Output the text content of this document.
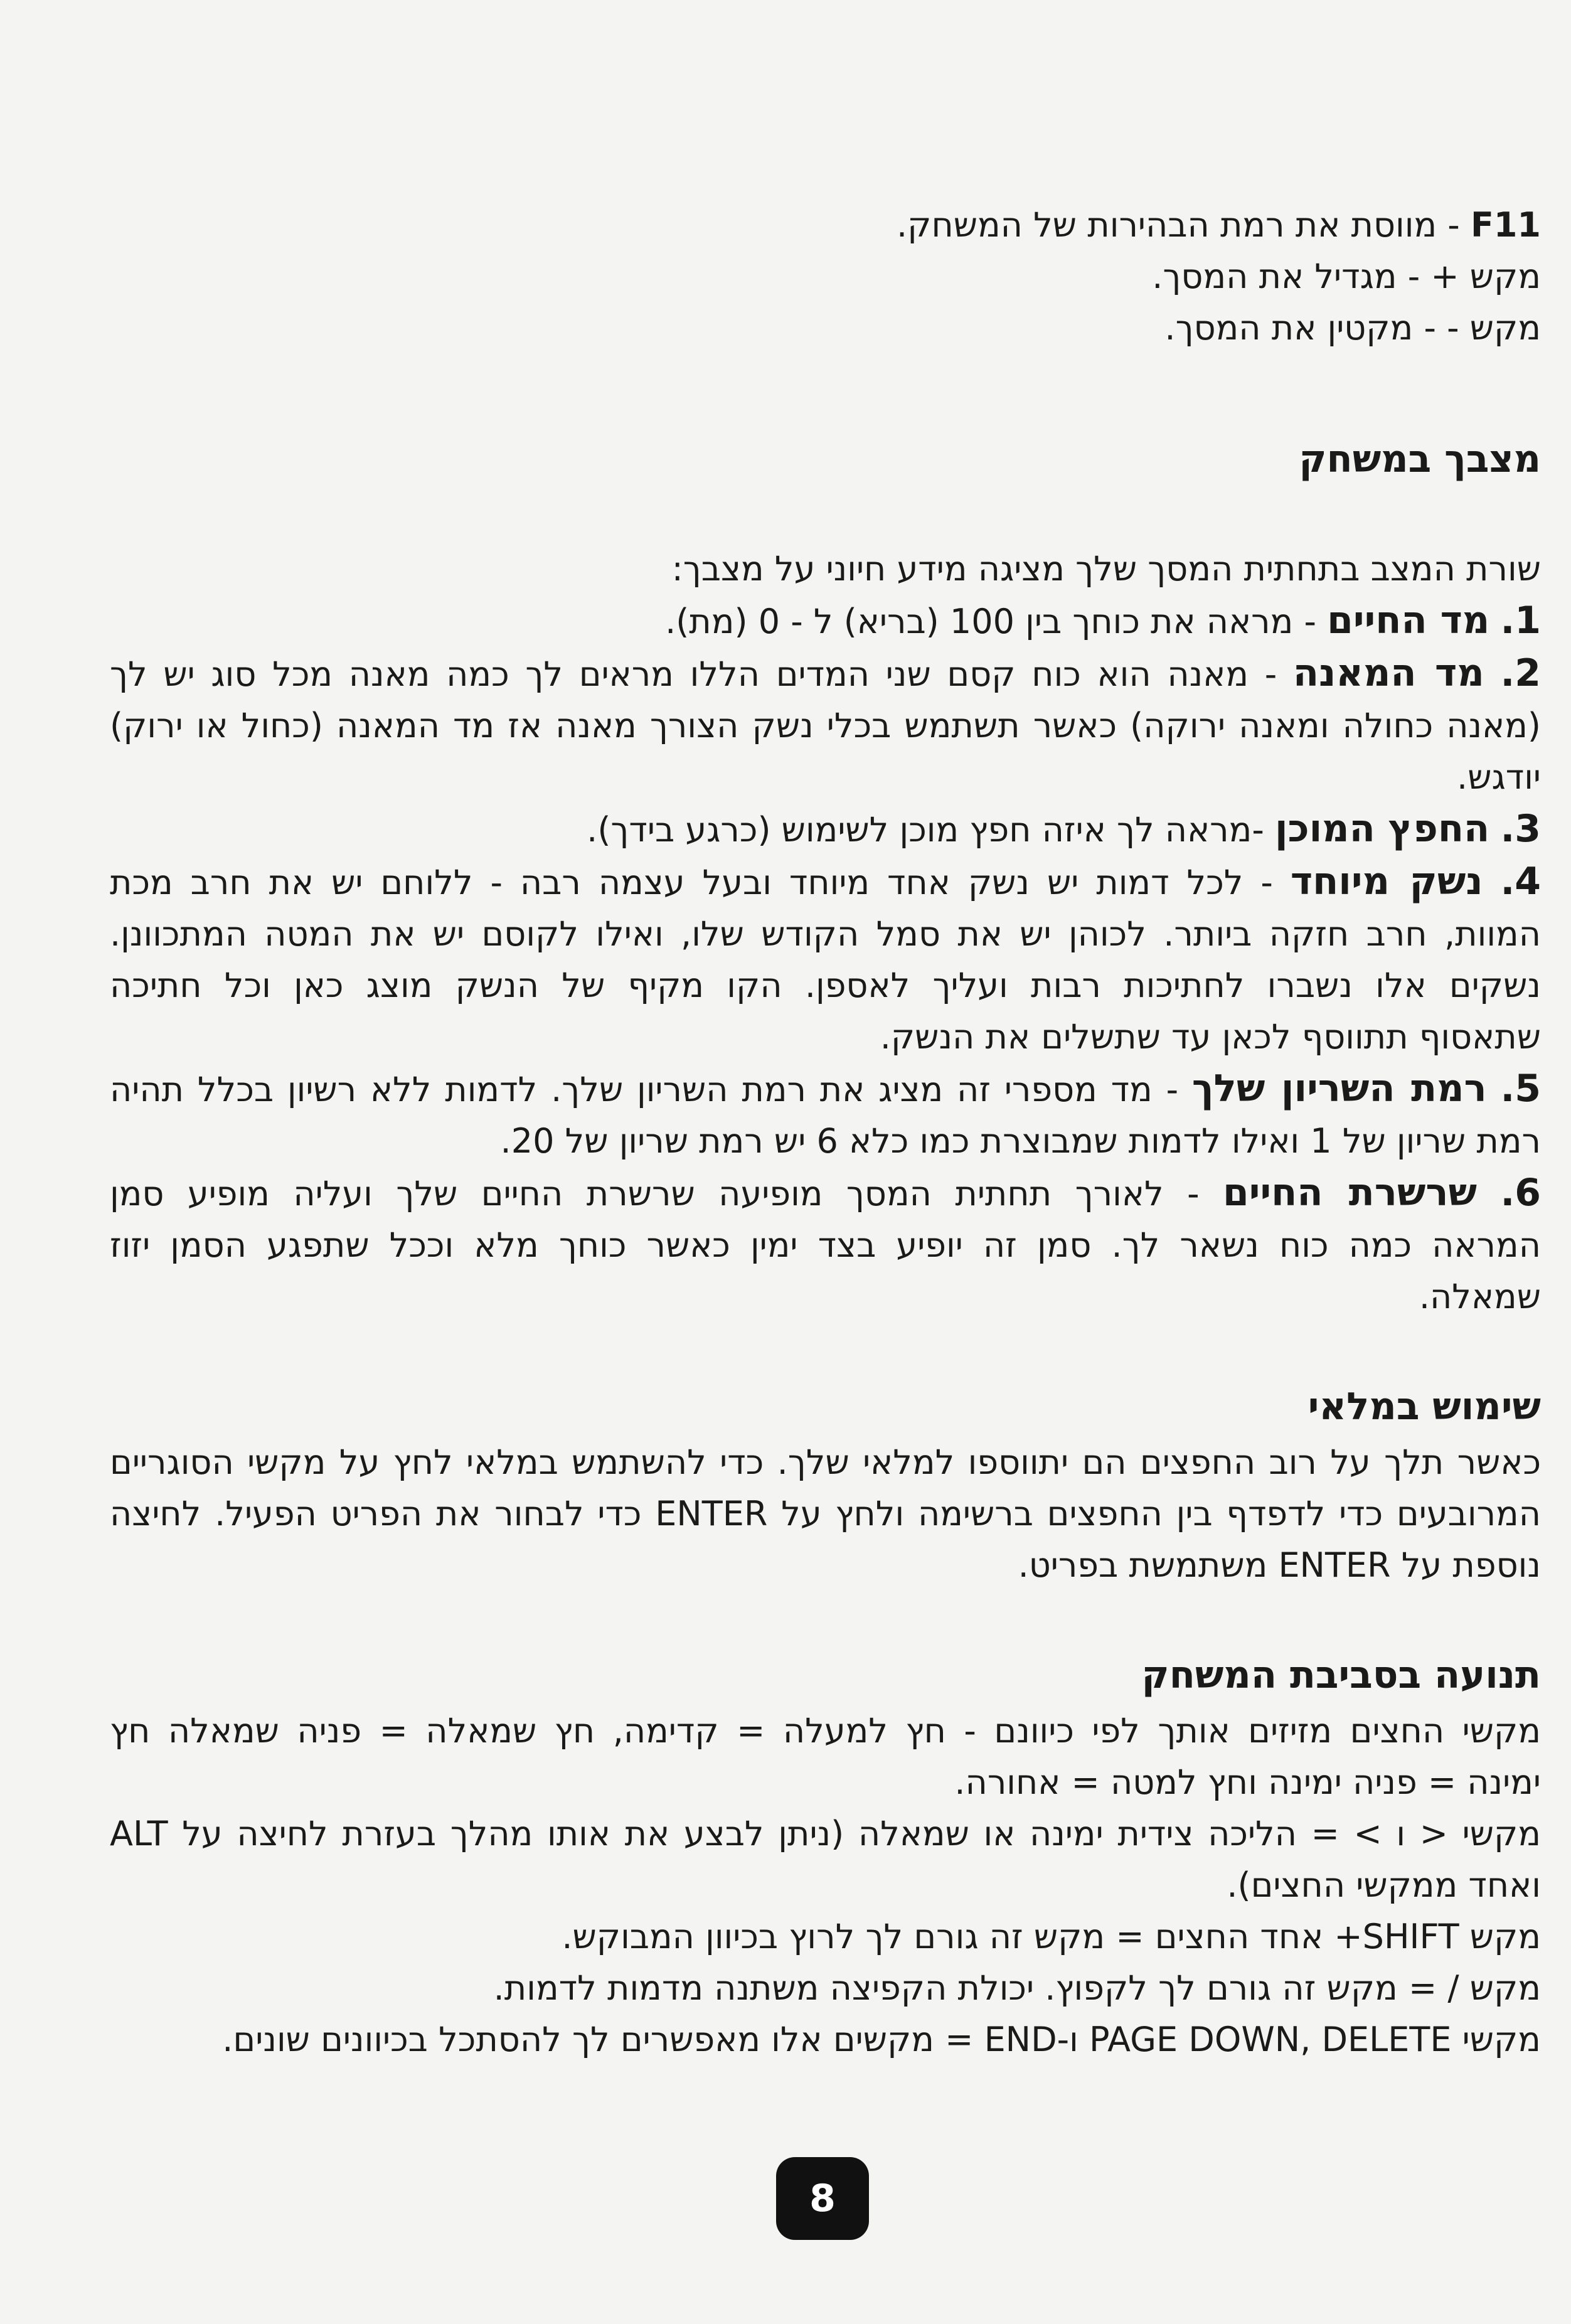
F11 - מווסת את רמת הבהירות של המשחק.
מקש + - מגדיל את המסך.
מקש - - מקטין את המסך.
מצבך במשחק
שורת המצב בתחתית המסך שלך מציגה מידע חיוני על מצבך:
1. מד החיים - מראה את כוחך בין 100 (בריא) ל - 0 (מת).
2. מד המאנה - מאנה הוא כוח קסם שני המדים הללו מראים לך כמה מאנה מכל סוג יש לך
(מאנה כחולה ומאנה ירוקה) כאשר תשתמש בכלי נשק הצורך מאנה אז מד המאנה (כחול או ירוק)
יודגש.
3. החפץ המוכן -מראה לך איזה חפץ מוכן לשימוש (כרגע בידך).
4. נשק מיוחד - לכל דמות יש נשק אחד מיוחד ובעל עצמה רבה - ללוחם יש את חרב מכת
המוות, חרב חזקה ביותר. לכוהן יש את סמל הקודש שלו, ואילו לקוסם יש את המטה המתכוונן.
נשקים אלו נשברו לחתיכות רבות ועליך לאספן. הקו מקיף של הנשק מוצג כאן וכל חתיכה
שתאסוף תתווסף לכאן עד שתשלים את הנשק.
5. רמת השריון שלך - מד מספרי זה מציג את רמת השריון שלך. לדמות ללא רשיון בכלל תהיה
רמת שריון של 1 ואילו לדמות שמבוצרת כמו כלא 6 יש רמת שריון של 20.
6. שרשרת החיים - לאורך תחתית המסך מופיעה שרשרת החיים שלך ועליה מופיע סמן
המראה כמה כוח נשאר לך. סמן זה יופיע בצד ימין כאשר כוחך מלא וככל שתפגע הסמן יזוז
שמאלה.
שימוש במלאי
כאשר תלך על רוב החפצים הם יתווספו למלאי שלך. כדי להשתמש במלאי לחץ על מקשי הסוגריים
המרובעים כדי לדפדף בין החפצים ברשימה ולחץ על ENTER כדי לבחור את הפריט הפעיל. לחיצה
נוספת על ENTER משתמשת בפריט.
תנועה בסביבת המשחק
מקשי החצים מזיזים אותך לפי כיוונם - חץ למעלה = קדימה, חץ שמאלה = פניה שמאלה חץ
ימינה = פניה ימינה וחץ למטה = אחורה.
מקשי < ו > = הליכה צידית ימינה או שמאלה (ניתן לבצע את אותו מהלך בעזרת לחיצה על ALT
ואחד ממקשי החצים).
מקש SHIFT+ אחד החצים = מקש זה גורם לך לרוץ בכיוון המבוקש.
מקש / = מקש זה גורם לך לקפוץ. יכולת הקפיצה משתנה מדמות לדמות.
מקשי PAGE DOWN, DELETE ו-END = מקשים אלו מאפשרים לך להסתכל בכיוונים שונים.
8
